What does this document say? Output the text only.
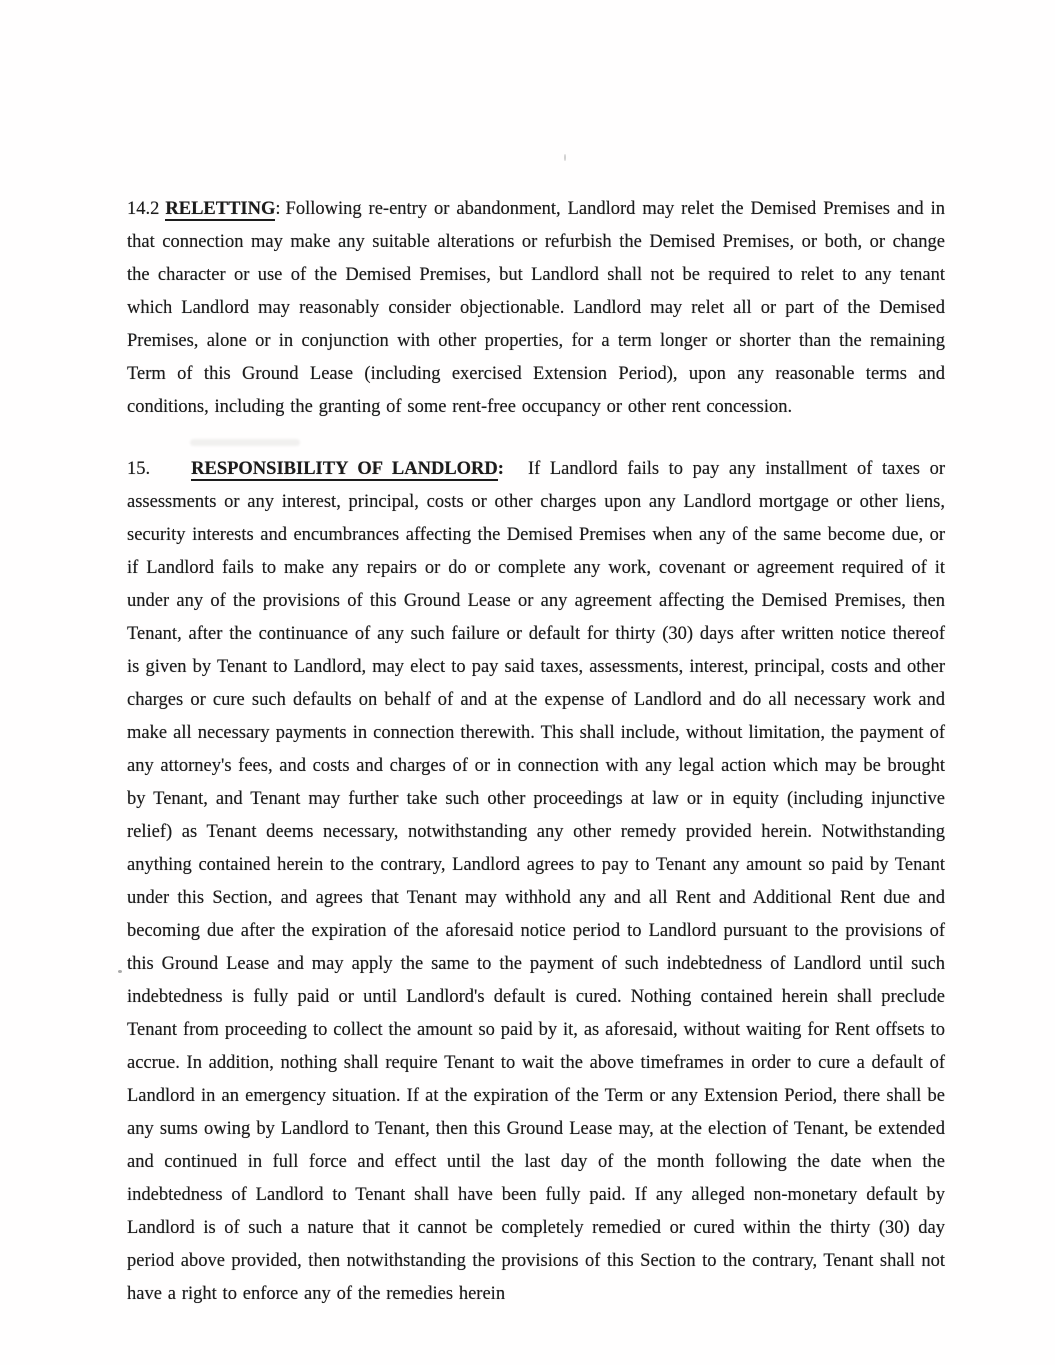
14.2 RELETTING: Following re-entry or abandonment, Landlord may relet the Demised Premises and in that connection may make any suitable alterations or refurbish the Demised Premises, or both, or change the character or use of the Demised Premises, but Landlord shall not be required to relet to any tenant which Landlord may reasonably consider objectionable. Landlord may relet all or part of the Demised Premises, alone or in conjunction with other properties, for a term longer or shorter than the remaining Term of this Ground Lease (including exercised Extension Period), upon any reasonable terms and conditions, including the granting of some rent-free occupancy or other rent concession.

15. RESPONSIBILITY OF LANDLORD: If Landlord fails to pay any installment of taxes or assessments or any interest, principal, costs or other charges upon any Landlord mortgage or other liens, security interests and encumbrances affecting the Demised Premises when any of the same become due, or if Landlord fails to make any repairs or do or complete any work, covenant or agreement required of it under any of the provisions of this Ground Lease or any agreement affecting the Demised Premises, then Tenant, after the continuance of any such failure or default for thirty (30) days after written notice thereof is given by Tenant to Landlord, may elect to pay said taxes, assessments, interest, principal, costs and other charges or cure such defaults on behalf of and at the expense of Landlord and do all necessary work and make all necessary payments in connection therewith. This shall include, without limitation, the payment of any attorney's fees, and costs and charges of or in connection with any legal action which may be brought by Tenant, and Tenant may further take such other proceedings at law or in equity (including injunctive relief) as Tenant deems necessary, notwithstanding any other remedy provided herein. Notwithstanding anything contained herein to the contrary, Landlord agrees to pay to Tenant any amount so paid by Tenant under this Section, and agrees that Tenant may withhold any and all Rent and Additional Rent due and becoming due after the expiration of the aforesaid notice period to Landlord pursuant to the provisions of this Ground Lease and may apply the same to the payment of such indebtedness of Landlord until such indebtedness is fully paid or until Landlord's default is cured. Nothing contained herein shall preclude Tenant from proceeding to collect the amount so paid by it, as aforesaid, without waiting for Rent offsets to accrue. In addition, nothing shall require Tenant to wait the above timeframes in order to cure a default of Landlord in an emergency situation. If at the expiration of the Term or any Extension Period, there shall be any sums owing by Landlord to Tenant, then this Ground Lease may, at the election of Tenant, be extended and continued in full force and effect until the last day of the month following the date when the indebtedness of Landlord to Tenant shall have been fully paid. If any alleged non-monetary default by Landlord is of such a nature that it cannot be completely remedied or cured within the thirty (30) day period above provided, then notwithstanding the provisions of this Section to the contrary, Tenant shall not have a right to enforce any of the remedies herein
